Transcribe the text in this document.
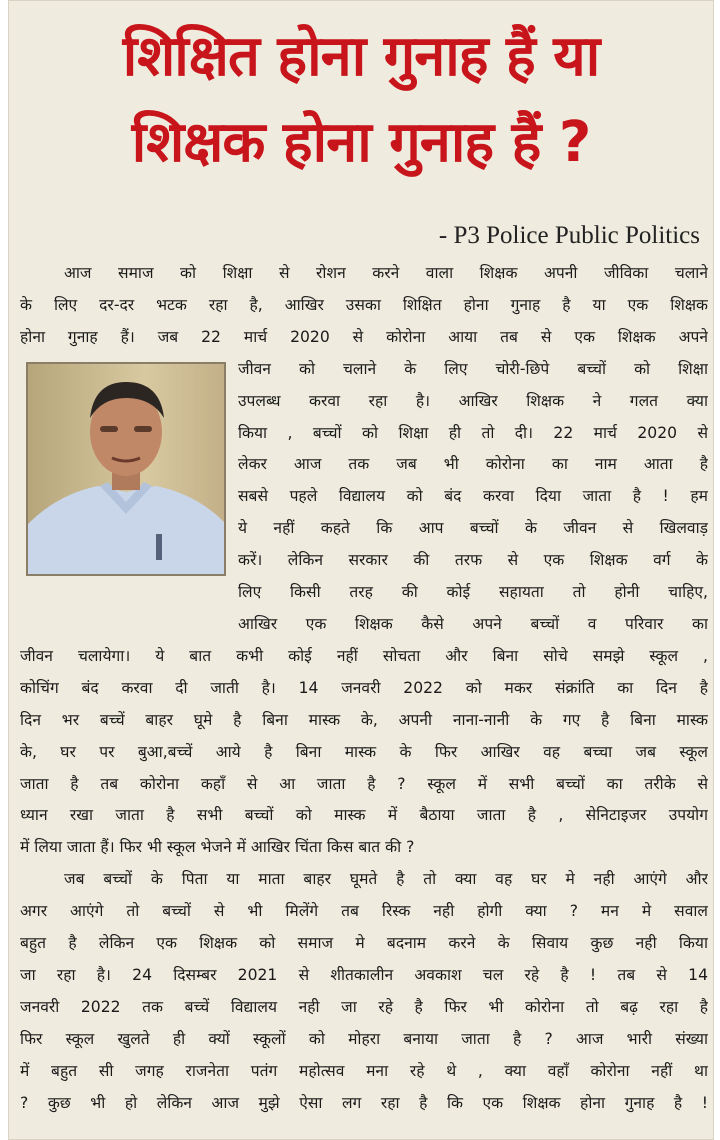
शिक्षित होना गुनाह हैं या
शिक्षक होना गुनाह हैं ?
- P3 Police Public Politics

आज समाज को शिक्षा से रोशन करने वाला शिक्षक अपनी जीविका चलाने
के लिए दर-दर भटक रहा है, आखिर उसका शिक्षित होना गुनाह है या एक शिक्षक
होना गुनाह हैं। जब 22 मार्च 2020 से कोरोना आया तब से एक शिक्षक अपने

जीवन को चलाने के लिए चोरी-छिपे बच्चों को शिक्षा
उपलब्ध करवा रहा है। आखिर शिक्षक ने गलत क्या
किया , बच्चों को शिक्षा ही तो दी। 22 मार्च 2020 से
लेकर आज तक जब भी कोरोना का नाम आता है
सबसे पहले विद्यालय को बंद करवा दिया जाता है ! हम
ये नहीं कहते कि आप बच्चों के जीवन से खिलवाड़
करें। लेकिन सरकार की तरफ से एक शिक्षक वर्ग के
लिए किसी तरह की कोई सहायता तो होनी चाहिए,
आखिर एक शिक्षक कैसे अपने बच्चों व परिवार का

जीवन चलायेगा। ये बात कभी कोई नहीं सोचता और बिना सोचे समझे स्कूल ,
कोचिंग बंद करवा दी जाती है। 14 जनवरी 2022 को मकर संक्रांति का दिन है
दिन भर बच्चें बाहर घूमे है बिना मास्क के, अपनी नाना-नानी के गए है बिना मास्क
के, घर पर बुआ,बच्चें आये है बिना मास्क के फिर आखिर वह बच्चा जब स्कूल
जाता है तब कोरोना कहाँ से आ जाता है ? स्कूल में सभी बच्चों का तरीके से
ध्यान रखा जाता है सभी बच्चों को मास्क में बैठाया जाता है , सेनिटाइजर उपयोग
में लिया जाता हैं। फिर भी स्कूल भेजने में आखिर चिंता किस बात की ?

जब बच्चों के पिता या माता बाहर घूमते है तो क्या वह घर मे नही आएंगे और
अगर आएंगे तो बच्चों से भी मिलेंगे तब रिस्क नही होगी क्या ? मन मे सवाल
बहुत है लेकिन एक शिक्षक को समाज मे बदनाम करने के सिवाय कुछ नही किया
जा रहा है। 24 दिसम्बर 2021 से शीतकालीन अवकाश चल रहे है ! तब से 14
जनवरी 2022 तक बच्चें विद्यालय नही जा रहे है फिर भी कोरोना तो बढ़ रहा है
फिर स्कूल खुलते ही क्यों स्कूलों को मोहरा बनाया जाता है ? आज भारी संख्या
में बहुत सी जगह राजनेता पतंग महोत्सव मना रहे थे , क्या वहाँ कोरोना नहीं था
? कुछ भी हो लेकिन आज मुझे ऐसा लग रहा है कि एक शिक्षक होना गुनाह है !
